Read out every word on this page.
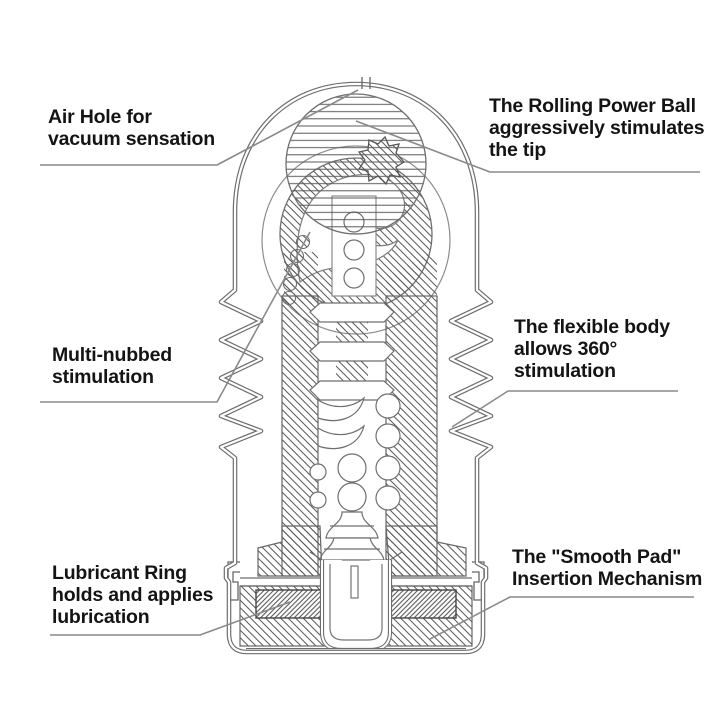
Air Hole for
vacuum sensation
The Rolling Power Ball
aggressively stimulates
the tip
Multi-nubbed
stimulation
The flexible body
allows 360°
stimulation
Lubricant Ring
holds and applies
lubrication
The "Smooth Pad"
Insertion Mechanism
